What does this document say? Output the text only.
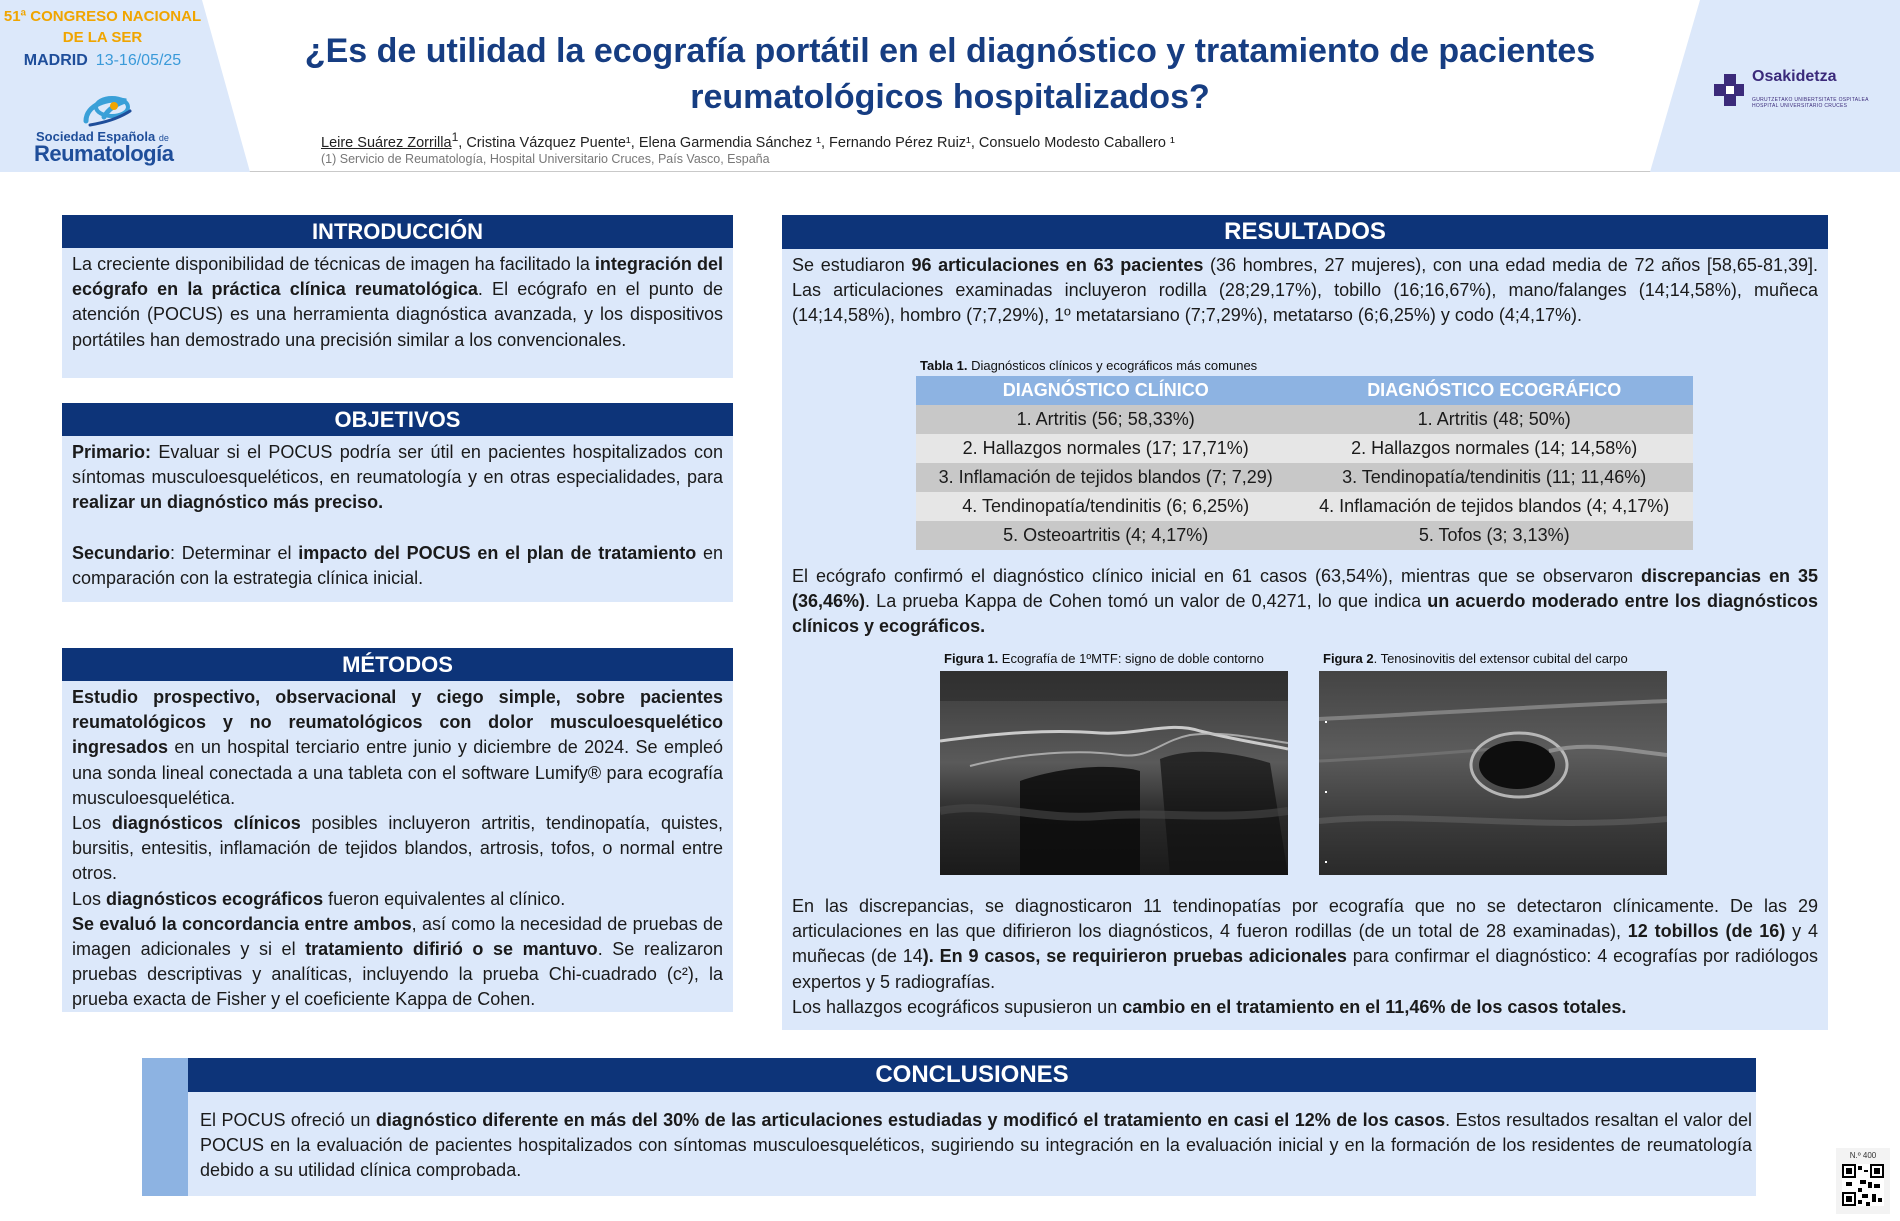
51ª CONGRESO NACIONAL
DE LA SER
MADRID 13-16/05/25
Sociedad Española de
Reumatología
¿Es de utilidad la ecografía portátil en el diagnóstico y tratamiento de pacientes reumatológicos hospitalizados?
Leire Suárez Zorrilla$^1$, Cristina Vázquez Puente¹, Elena Garmendia Sánchez ¹, Fernando Pérez Ruiz¹, Consuelo Modesto Caballero ¹
(1) Servicio de Reumatología, Hospital Universitario Cruces, País Vasco, España
Osakidetza
GURUTZETAKO UNIBERTSITATE OSPITALEA
HOSPITAL UNIVERSITARIO CRUCES
INTRODUCCIÓN
La creciente disponibilidad de técnicas de imagen ha facilitado la integración del ecógrafo en la práctica clínica reumatológica. El ecógrafo en el punto de atención (POCUS) es una herramienta diagnóstica avanzada, y los dispositivos portátiles han demostrado una precisión similar a los convencionales.
OBJETIVOS

Primario: Evaluar si el POCUS podría ser útil en pacientes hospitalizados con síntomas musculoesqueléticos, en reumatología y en otras especialidades, para realizar un diagnóstico más preciso.

Secundario: Determinar el impacto del POCUS en el plan de tratamiento en comparación con la estrategia clínica inicial.

MÉTODOS

Estudio prospectivo, observacional y ciego simple, sobre pacientes reumatológicos y no reumatológicos con dolor musculoesquelético ingresados en un hospital terciario entre junio y diciembre de 2024. Se empleó una sonda lineal conectada a una tableta con el software Lumify® para ecografía musculoesquelética.

Los diagnósticos clínicos posibles incluyeron artritis, tendinopatía, quistes, bursitis, entesitis, inflamación de tejidos blandos, artrosis, tofos, o normal entre otros.

Los diagnósticos ecográficos fueron equivalentes al clínico.

Se evaluó la concordancia entre ambos, así como la necesidad de pruebas de imagen adicionales y si el tratamiento difirió o se mantuvo. Se realizaron pruebas descriptivas y analíticas, incluyendo la prueba Chi-cuadrado (c²), la prueba exacta de Fisher y el coeficiente Kappa de Cohen.

RESULTADOS
Se estudiaron 96 articulaciones en 63 pacientes (36 hombres, 27 mujeres), con una edad media de 72 años [58,65-81,39]. Las articulaciones examinadas incluyeron rodilla (28;29,17%), tobillo (16;16,67%), mano/falanges (14;14,58%), muñeca (14;14,58%), hombro (7;7,29%), 1º metatarsiano (7;7,29%), metatarso (6;6,25%) y codo (4;4,17%).
Tabla 1. Diagnósticos clínicos y ecográficos más comunes
DIAGNÓSTICO CLÍNICO	DIAGNÓSTICO ECOGRÁFICO
1. Artritis (56; 58,33%)	1. Artritis (48; 50%)
2. Hallazgos normales (17; 17,71%)	2. Hallazgos normales (14; 14,58%)
3. Inflamación de tejidos blandos (7; 7,29)	3. Tendinopatía/tendinitis (11; 11,46%)
4. Tendinopatía/tendinitis (6; 6,25%)	4. Inflamación de tejidos blandos (4; 4,17%)
5. Osteoartritis (4; 4,17%)	5. Tofos (3; 3,13%)
El ecógrafo confirmó el diagnóstico clínico inicial en 61 casos (63,54%), mientras que se observaron discrepancias en 35 (36,46%). La prueba Kappa de Cohen tomó un valor de 0,4271, lo que indica un acuerdo moderado entre los diagnósticos clínicos y ecográficos.
Figura 1. Ecografía de 1ºMTF: signo de doble contorno	Figura 2. Tenosinovitis del extensor cubital del carpo

En las discrepancias, se diagnosticaron 11 tendinopatías por ecografía que no se detectaron clínicamente. De las 29 articulaciones en las que difirieron los diagnósticos, 4 fueron rodillas (de un total de 28 examinadas), 12 tobillos (de 16) y 4 muñecas (de 14). En 9 casos, se requirieron pruebas adicionales para confirmar el diagnóstico: 4 ecografías por radiólogos expertos y 5 radiografías.

Los hallazgos ecográficos supusieron un cambio en el tratamiento en el 11,46% de los casos totales.

CONCLUSIONES
El POCUS ofreció un diagnóstico diferente en más del 30% de las articulaciones estudiadas y modificó el tratamiento en casi el 12% de los casos. Estos resultados resaltan el valor del POCUS en la evaluación de pacientes hospitalizados con síntomas musculoesqueléticos, sugiriendo su integración en la evaluación inicial y en la formación de los residentes de reumatología debido a su utilidad clínica comprobada.
N.º 400
